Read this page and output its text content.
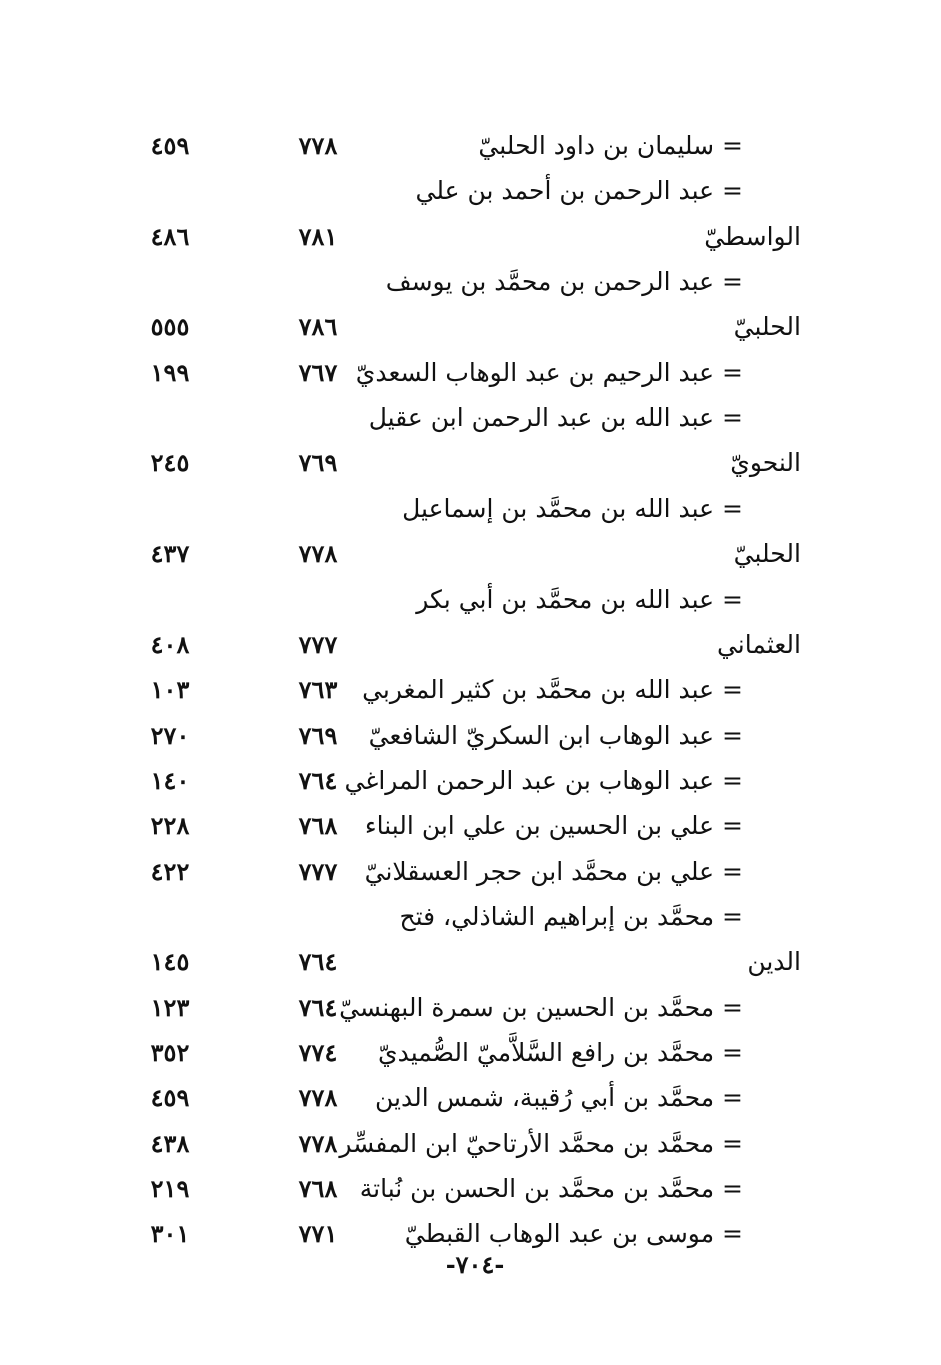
= سليمان بن داود الحلبيّ
٧٧٨
٤٥٩
= عبد الرحمن بن أحمد بن علي
الواسطيّ
٧٨١
٤٨٦
= عبد الرحمن بن محمَّد بن يوسف
الحلبيّ
٧٨٦
٥٥٥
= عبد الرحيم بن عبد الوهاب السعديّ
٧٦٧
١٩٩
= عبد الله بن عبد الرحمن ابن عقيل
النحويّ
٧٦٩
٢٤٥
= عبد الله بن محمَّد بن إسماعيل
الحلبيّ
٧٧٨
٤٣٧
= عبد الله بن محمَّد بن أبي بكر
العثماني
٧٧٧
٤٠٨
= عبد الله بن محمَّد بن كثير المغربي
٧٦٣
١٠٣
= عبد الوهاب ابن السكريّ الشافعيّ
٧٦٩
٢٧٠
= عبد الوهاب بن عبد الرحمن المراغي
٧٦٤
١٤٠
= علي بن الحسين بن علي ابن البناء
٧٦٨
٢٢٨
= علي بن محمَّد ابن حجر العسقلانيّ
٧٧٧
٤٢٢
= محمَّد بن إبراهيم الشاذلي، فتح
الدين
٧٦٤
١٤٥
= محمَّد بن الحسين بن سمرة البهنسيّ
٧٦٤
١٢٣
= محمَّد بن رافع السَّلاَّميّ الصُّميديّ
٧٧٤
٣٥٢
= محمَّد بن أبي رُقيبة، شمس الدين
٧٧٨
٤٥٩
= محمَّد بن محمَّد الأرتاحيّ ابن المفسِّر
٧٧٨
٤٣٨
= محمَّد بن محمَّد بن الحسن بن نُباتة
٧٦٨
٢١٩
= موسى بن عبد الوهاب القبطيّ
٧٧١
٣٠١
-٧٠٤-
